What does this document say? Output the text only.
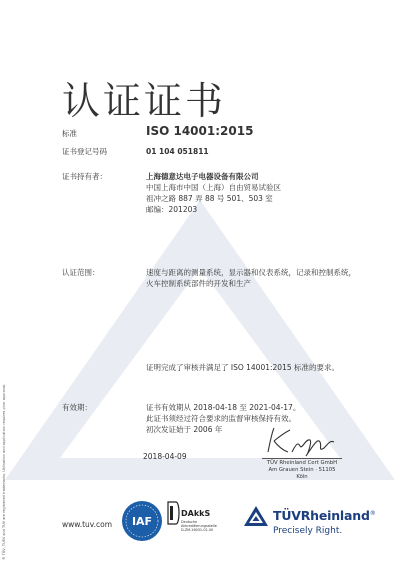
认证证书
标准	ISO 14001:2015
证书登记号码	01 104 051811
证书持有者：	上海德意达电子电器设备有限公司
中国上海市中国（上海）自由贸易试验区
祖冲之路 887 弄 88 号 501、503 室
邮编：201203
认证范围：	速度与距离的测量系统，显示器和仪表系统，记录和控制系统，
火车控制系统部件的开发和生产
证明完成了审核并满足了 ISO 14001:2015 标准的要求。
有效期：	证书有效期从 2018-04-18 至 2021-04-17。
此证书须经过符合要求的监督审核保持有效。
初次发证始于 2006 年
TÜV Rheinland Cert GmbH
Am Grauen Stein · 51105 Köln
2018-04-09
www.tuv.com
® TÜV, TUEV and TUV are registered trademarks. Utilisation and application requires prior approval.	IAF
DAkkS
Deutsche
Akkreditierungsstelle
D-ZM-16031-01-00
TÜVRheinland®
Precisely Right.
